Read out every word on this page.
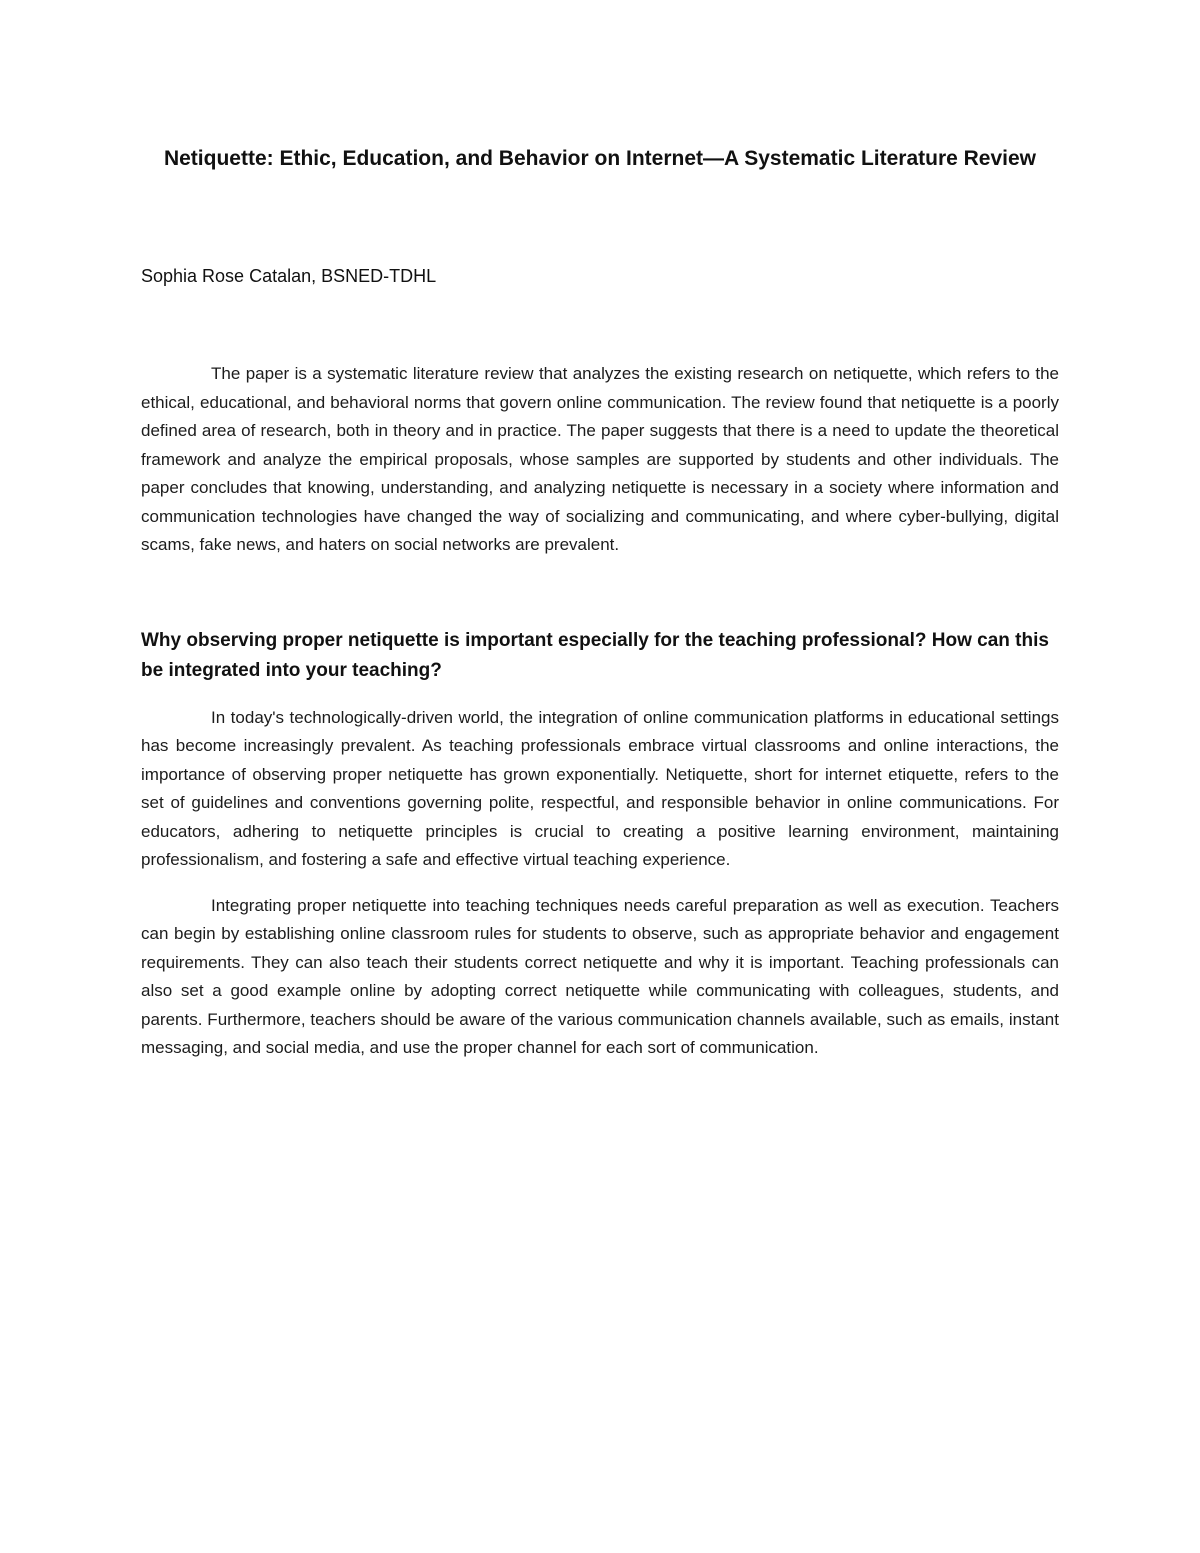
Netiquette: Ethic, Education, and Behavior on Internet—A Systematic Literature Review

Sophia Rose Catalan, BSNED-TDHL

The paper is a systematic literature review that analyzes the existing research on netiquette, which refers to the ethical, educational, and behavioral norms that govern online communication. The review found that netiquette is a poorly defined area of research, both in theory and in practice. The paper suggests that there is a need to update the theoretical framework and analyze the empirical proposals, whose samples are supported by students and other individuals. The paper concludes that knowing, understanding, and analyzing netiquette is necessary in a society where information and communication technologies have changed the way of socializing and communicating, and where cyber-bullying, digital scams, fake news, and haters on social networks are prevalent.

Why observing proper netiquette is important especially for the teaching professional? How can this be integrated into your teaching?

In today's technologically-driven world, the integration of online communication platforms in educational settings has become increasingly prevalent. As teaching professionals embrace virtual classrooms and online interactions, the importance of observing proper netiquette has grown exponentially. Netiquette, short for internet etiquette, refers to the set of guidelines and conventions governing polite, respectful, and responsible behavior in online communications. For educators, adhering to netiquette principles is crucial to creating a positive learning environment, maintaining professionalism, and fostering a safe and effective virtual teaching experience.

Integrating proper netiquette into teaching techniques needs careful preparation as well as execution. Teachers can begin by establishing online classroom rules for students to observe, such as appropriate behavior and engagement requirements. They can also teach their students correct netiquette and why it is important. Teaching professionals can also set a good example online by adopting correct netiquette while communicating with colleagues, students, and parents. Furthermore, teachers should be aware of the various communication channels available, such as emails, instant messaging, and social media, and use the proper channel for each sort of communication.
